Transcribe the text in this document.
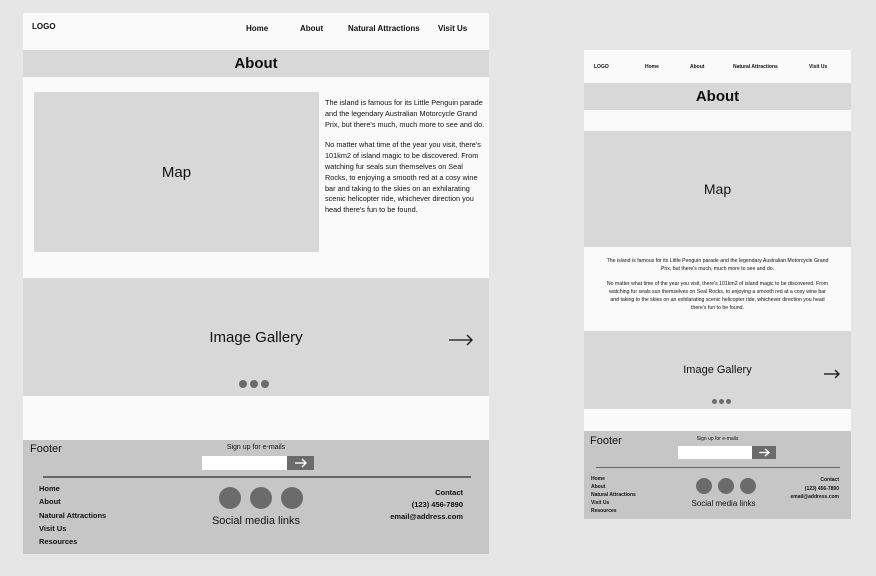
LOGO	Home	About	Natural Attractions Visit Us
About
Map

The island is famous for its Little Penguin parade and the legendary Australian Motorcycle Grand Prix, but there's much, much more to see and do.

No matter what time of the year you visit, there's 101km2 of island magic to be discovered. From watching fur seals sun themselves on Seal Rocks, to enjoying a smooth red at a cosy wine bar and taking to the skies on an exhilarating scenic helicopter ride, whichever direction you head there's fun to be found.

Image Gallery
Footer	Sign up for e-mails
Home
About
Natural Attractions
Visit Us
Resources
Social media links
Contact
(123) 456-7890
email@address.com
LOGO	Home	About	Natural Attractions	Visit Us
About
Map

The island is famous for its Little Penguin parade and the legendary Australian Motorcycle Grand Prix, but there's much, much more to see and do.

No matter what time of the year you visit, there's 101km2 of island magic to be discovered. From watching fur seals sun themselves on Seal Rocks, to enjoying a smooth red at a cosy wine bar and taking to the skies on an exhilarating scenic helicopter ride, whichever direction you head there's fun to be found.

Image Gallery
Footer	Sign up for e-mails
Home
About
Natural Attractions
Visit Us
Resources
Social media links
Contact
(123) 456-7890
email@address.com
